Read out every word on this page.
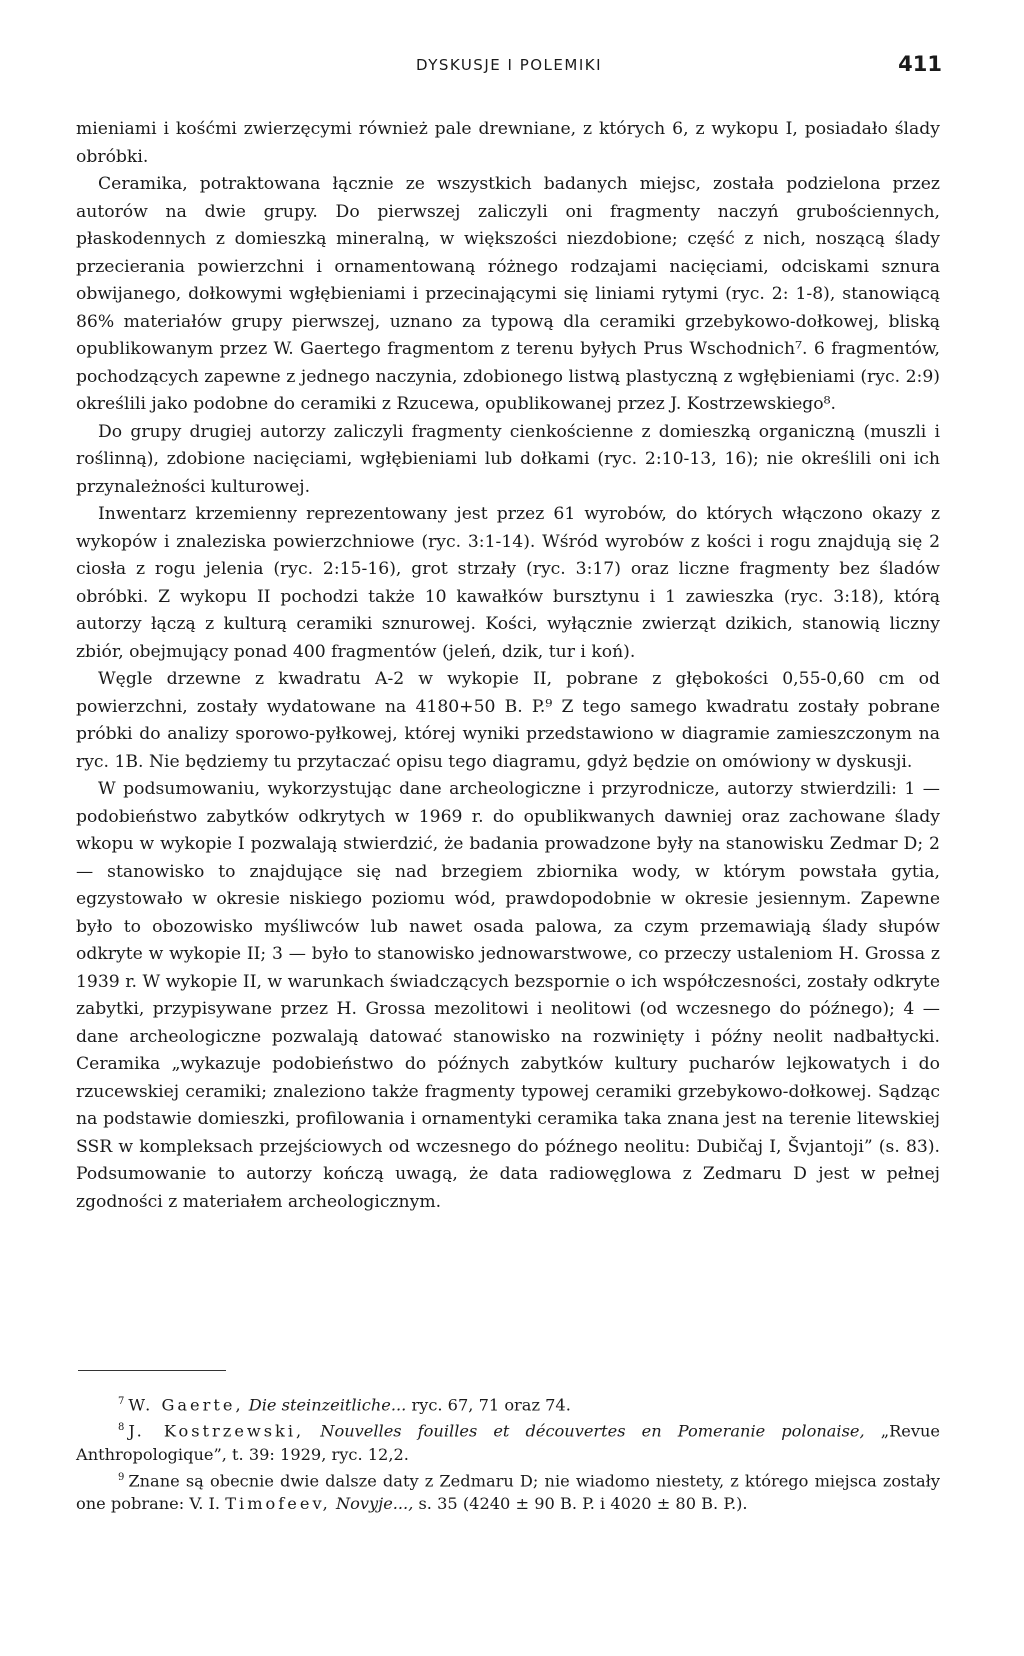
DYSKUSJE I POLEMIKI	411

mieniami i kośćmi zwierzęcymi również pale drewniane, z których 6, z wykopu I, posiadało ślady obróbki.

Ceramika, potraktowana łącznie ze wszystkich badanych miejsc, została podzielona przez autorów na dwie grupy. Do pierwszej zaliczyli oni fragmenty naczyń grubościennych, płaskodennych z domieszką mineralną, w większości niezdobione; część z nich, noszącą ślady przecierania powierzchni i ornamentowaną różnego rodzajami nacięciami, odciskami sznura obwijanego, dołkowymi wgłębieniami i przecinającymi się liniami rytymi (ryc. 2: 1-8), stanowiącą 86% materiałów grupy pierwszej, uznano za typową dla ceramiki grzebykowo-dołkowej, bliską opublikowanym przez W. Gaertego fragmentom z terenu byłych Prus Wschodnich⁷. 6 fragmentów, pochodzących zapewne z jednego naczynia, zdobionego listwą plastyczną z wgłębieniami (ryc. 2:9) określili jako podobne do ceramiki z Rzucewa, opublikowanej przez J. Kostrzewskiego⁸.

Do grupy drugiej autorzy zaliczyli fragmenty cienkościenne z domieszką organiczną (muszli i roślinną), zdobione nacięciami, wgłębieniami lub dołkami (ryc. 2:10-13, 16); nie określili oni ich przynależności kulturowej.

Inwentarz krzemienny reprezentowany jest przez 61 wyrobów, do których włączono okazy z wykopów i znaleziska powierzchniowe (ryc. 3:1-14). Wśród wyrobów z kości i rogu znajdują się 2 ciosła z rogu jelenia (ryc. 2:15-16), grot strzały (ryc. 3:17) oraz liczne fragmenty bez śladów obróbki. Z wykopu II pochodzi także 10 kawałków bursztynu i 1 zawieszka (ryc. 3:18), którą autorzy łączą z kulturą ceramiki sznurowej. Kości, wyłącznie zwierząt dzikich, stanowią liczny zbiór, obejmujący ponad 400 fragmentów (jeleń, dzik, tur i koń).

Węgle drzewne z kwadratu A-2 w wykopie II, pobrane z głębokości 0,55-0,60 cm od powierzchni, zostały wydatowane na 4180+50 B. P.⁹ Z tego samego kwadratu zostały pobrane próbki do analizy sporowo-pyłkowej, której wyniki przedstawiono w diagramie zamieszczonym na ryc. 1B. Nie będziemy tu przytaczać opisu tego diagramu, gdyż będzie on omówiony w dyskusji.

W podsumowaniu, wykorzystując dane archeologiczne i przyrodnicze, autorzy stwierdzili: 1 — podobieństwo zabytków odkrytych w 1969 r. do opublikwanych dawniej oraz zachowane ślady wkopu w wykopie I pozwalają stwierdzić, że badania prowadzone były na stanowisku Zedmar D; 2 — stanowisko to znajdujące się nad brzegiem zbiornika wody, w którym powstała gytia, egzystowało w okresie niskiego poziomu wód, prawdopodobnie w okresie jesiennym. Zapewne było to obozowisko myśliwców lub nawet osada palowa, za czym przemawiają ślady słupów odkryte w wykopie II; 3 — było to stanowisko jednowarstwowe, co przeczy ustaleniom H. Grossa z 1939 r. W wykopie II, w warunkach świadczących bezspornie o ich współczesności, zostały odkryte zabytki, przypisywane przez H. Grossa mezolitowi i neolitowi (od wczesnego do późnego); 4 — dane archeologiczne pozwalają datować stanowisko na rozwinięty i późny neolit nadbałtycki. Ceramika „wykazuje podobieństwo do późnych zabytków kultury pucharów lejkowatych i do rzucewskiej ceramiki; znaleziono także fragmenty typowej ceramiki grzebykowo-dołkowej. Sądząc na podstawie domieszki, profilowania i ornamentyki ceramika taka znana jest na terenie litewskiej SSR w kompleksach przejściowych od wczesnego do późnego neolitu: Dubičaj I, Švjantoji” (s. 83). Podsumowanie to autorzy kończą uwagą, że data radiowęglowa z Zedmaru D jest w pełnej zgodności z materiałem archeologicznym.

$^7$ W. Gaerte, Die steinzeitliche... ryc. 67, 71 oraz 74.

$^8$ J. Kostrzewski, Nouvelles fouilles et découvertes en Pomeranie polonaise, „Revue Anthropologique”, t. 39: 1929, ryc. 12,2.

$^9$ Znane są obecnie dwie dalsze daty z Zedmaru D; nie wiadomo niestety, z którego miejsca zostały one pobrane: V. I. Timofeev, Novyje..., s. 35 (4240 ± 90 B. P. i 4020 ± 80 B. P.).
